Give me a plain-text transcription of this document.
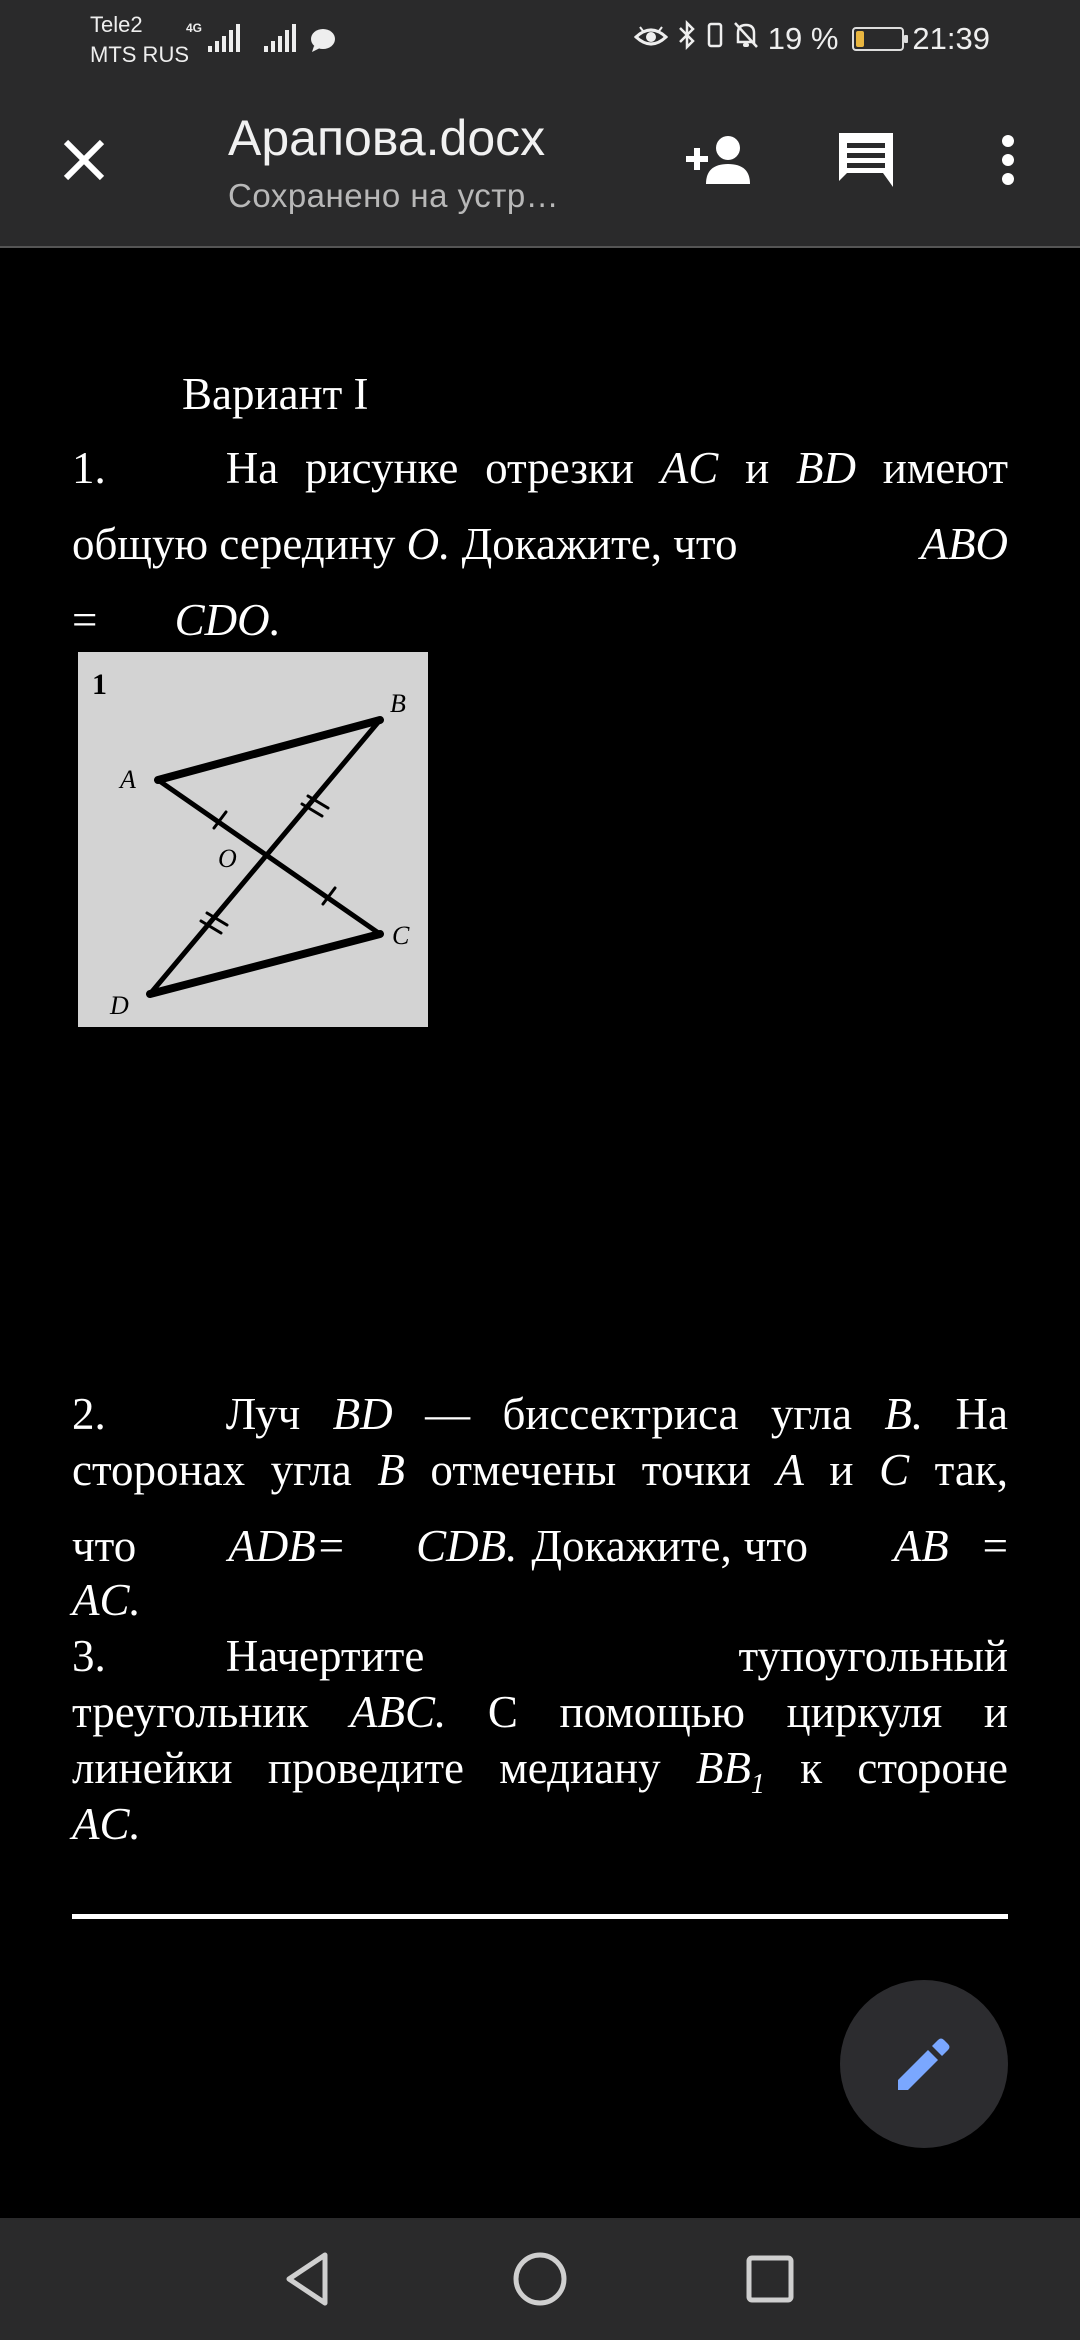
Tele2
MTS RUS
4G	19 % 21:39
Арапова.docx
Сохранено на устр…
Вариант I
1.	На рисунке отрезки AC и BD имеют
общую середину O. Докажите, что	ABO
= CDO.
1
B
A
O
C
D
2.	Луч BD — биссектриса угла B. На
сторонах угла B отмечены точки A и C так,
что ADB= CDB. Докажите, что AB =
AC.
3.	Начертите	тупоугольный
треугольник ABC. С помощью циркуля и
линейки проведите медиану $BB_1$ к стороне
AC.
